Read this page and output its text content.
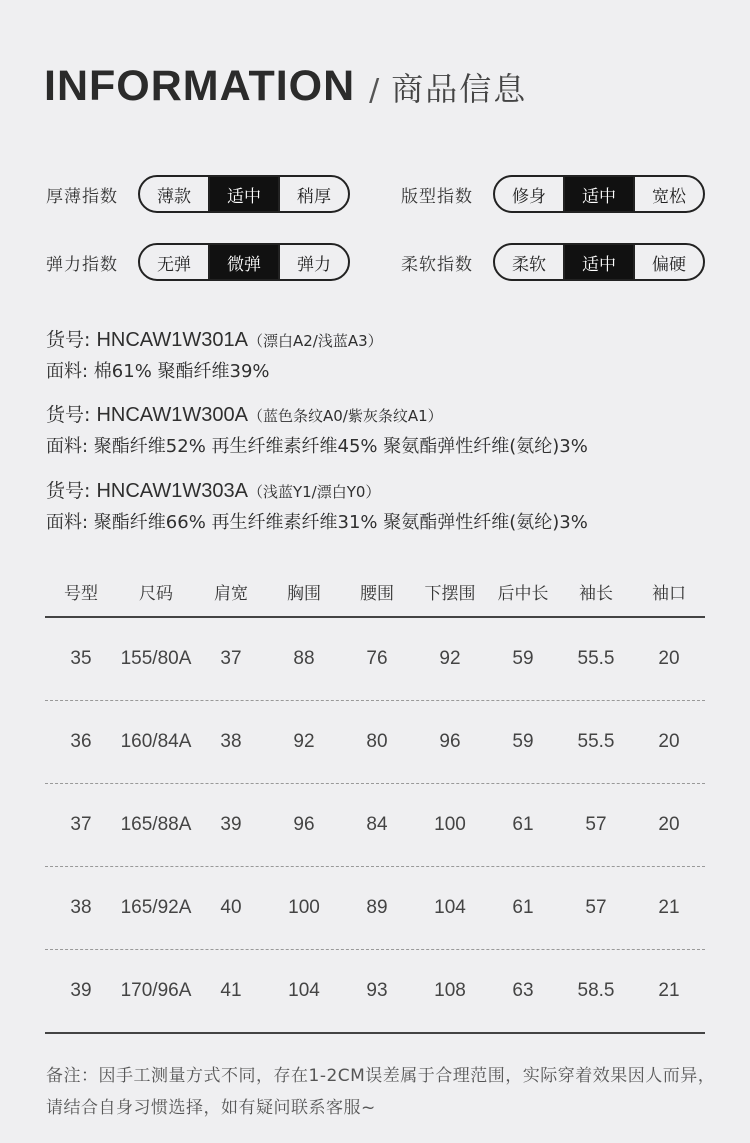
INFORMATION / 商品信息
厚薄指数	薄款	适中	稍厚	版型指数	修身	适中	宽松
弹力指数	无弹	微弹	弹力	柔软指数	柔软	适中	偏硬
货号: HNCAW1W301A（漂白A2/浅蓝A3）
面料: 棉61% 聚酯纤维39%
货号: HNCAW1W300A（蓝色条纹A0/紫灰条纹A1）
面料: 聚酯纤维52% 再生纤维素纤维45% 聚氨酯弹性纤维(氨纶)3%
货号: HNCAW1W303A（浅蓝Y1/漂白Y0）
面料: 聚酯纤维66% 再生纤维素纤维31% 聚氨酯弹性纤维(氨纶)3%
号型	尺码	肩宽	胸围	腰围	下摆围	后中长	袖长	袖口
35	155/80A	37	88	76	92	59	55.5	20
36	160/84A	38	92	80	96	59	55.5	20
37	165/88A	39	96	84	100	61	57	20
38	165/92A	40	100	89	104	61	57	21
39	170/96A	41	104	93	108	63	58.5	21
备注：因手工测量方式不同，存在1-2CM误差属于合理范围，实际穿着效果因人而异，请结合自身习惯选择，如有疑问联系客服~
